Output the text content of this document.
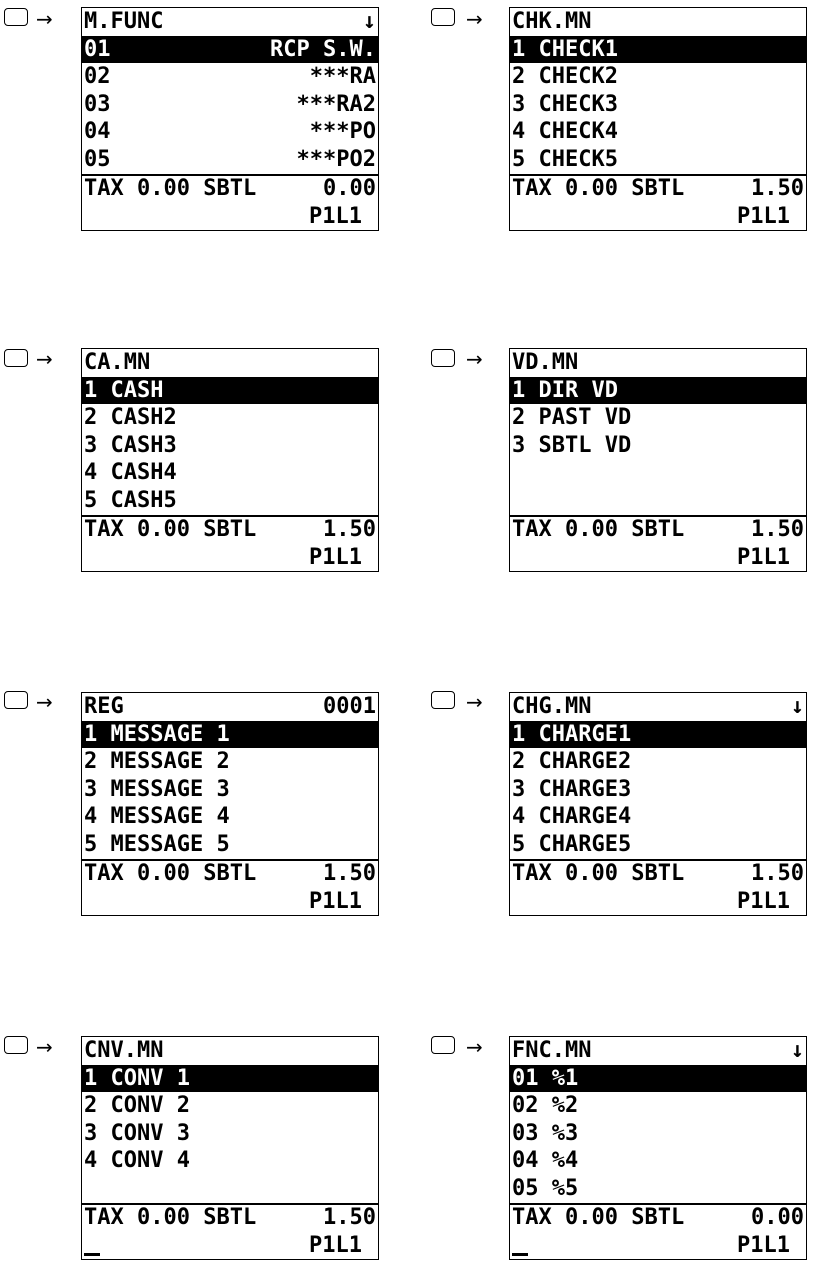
→	M.FUNC	↓
01	RCP S.W.
02	***RA
03	***RA2
04	***PO
05	***PO2
TAX 0.00 SBTL	0.00
P1L1
→	CHK.MN
1 CHECK1
2 CHECK2
3 CHECK3
4 CHECK4
5 CHECK5
TAX 0.00 SBTL	1.50
P1L1
→	CA.MN
1 CASH
2 CASH2
3 CASH3
4 CASH4
5 CASH5
TAX 0.00 SBTL	1.50
P1L1
→	VD.MN
1 DIR VD
2 PAST VD
3 SBTL VD
TAX 0.00 SBTL	1.50
P1L1
→	REG	0001
1 MESSAGE 1
2 MESSAGE 2
3 MESSAGE 3
4 MESSAGE 4
5 MESSAGE 5
TAX 0.00 SBTL	1.50
P1L1
→	CHG.MN	↓
1 CHARGE1
2 CHARGE2
3 CHARGE3
4 CHARGE4
5 CHARGE5
TAX 0.00 SBTL	1.50
P1L1
→	CNV.MN
1 CONV 1
2 CONV 2
3 CONV 3
4 CONV 4
TAX 0.00 SBTL	1.50
P1L1
→	FNC.MN	↓
01 %1
02 %2
03 %3
04 %4
05 %5
TAX 0.00 SBTL	0.00
P1L1
